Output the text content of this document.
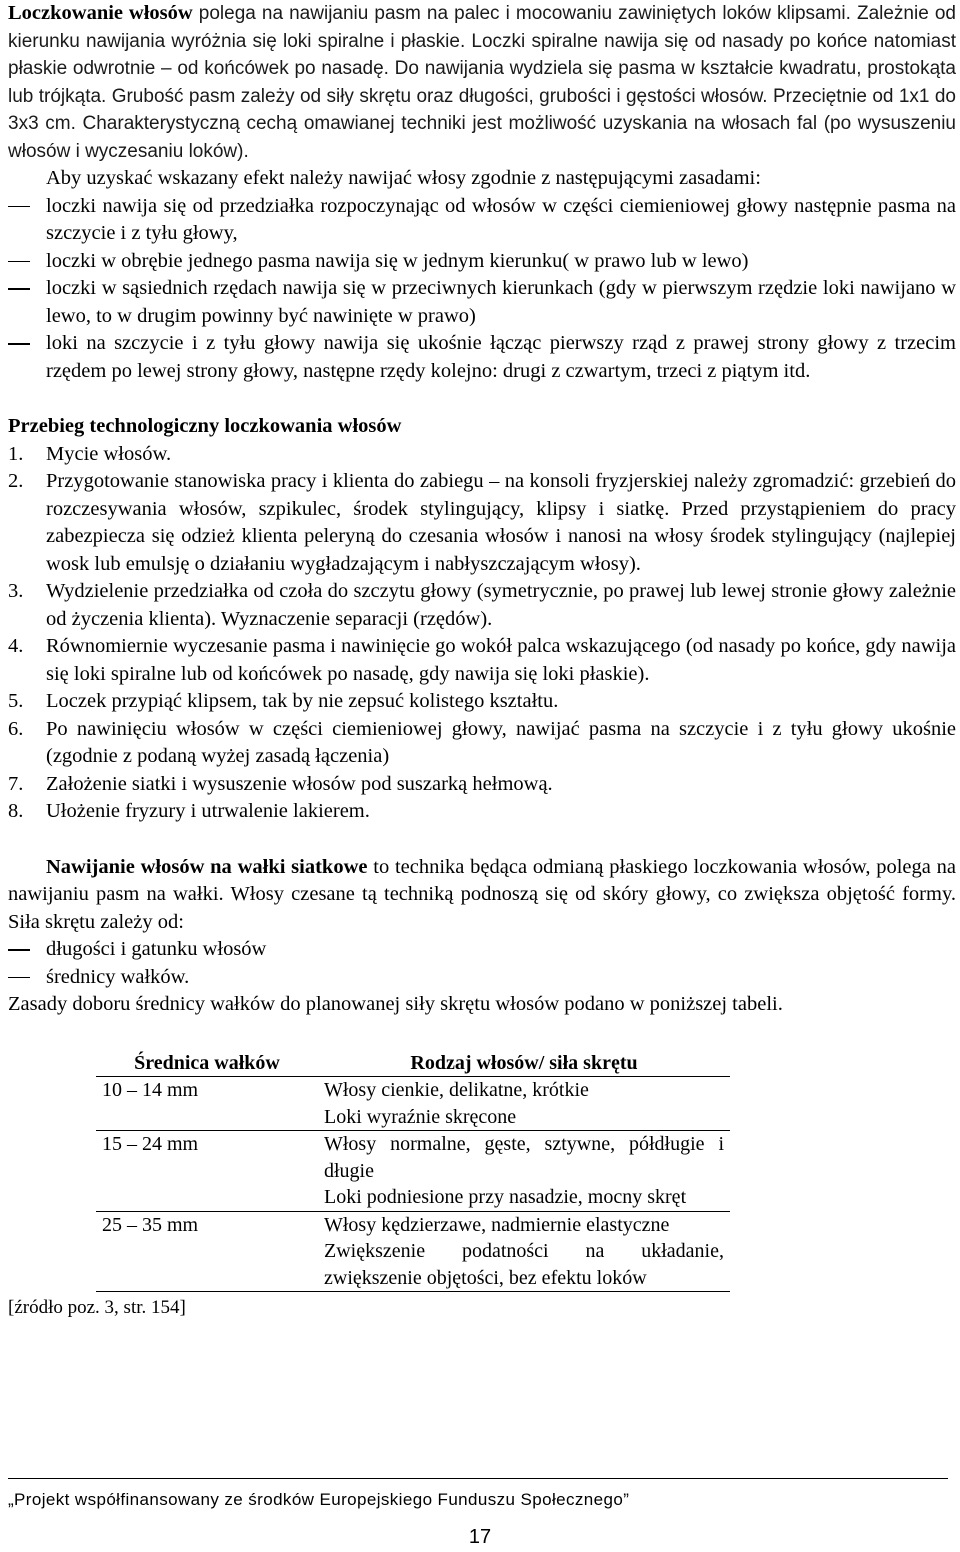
Loczkowanie włosów polega na nawijaniu pasm na palec i mocowaniu zawiniętych loków klipsami. Zależnie od kierunku nawijania wyróżnia się loki spiralne i płaskie. Loczki spiralne nawija się od nasady po końce natomiast płaskie odwrotnie – od końcówek po nasadę. Do nawijania wydziela się pasma w kształcie kwadratu, prostokąta lub trójkąta. Grubość pasm zależy od siły skrętu oraz długości, grubości i gęstości włosów. Przeciętnie od 1x1 do 3x3 cm. Charakterystyczną cechą omawianej techniki jest możliwość uzyskania na włosach fal (po wysuszeniu włosów i wyczesaniu loków).

Aby uzyskać wskazany efekt należy nawijać włosy zgodnie z następującymi zasadami:

loczki nawija się od przedziałka rozpoczynając od włosów w części ciemieniowej głowy następnie pasma na szczycie i z tyłu głowy,
loczki w obrębie jednego pasma nawija się w jednym kierunku( w prawo lub w lewo)
loczki w sąsiednich rzędach nawija się w przeciwnych kierunkach (gdy w pierwszym rzędzie loki nawijano w lewo, to w drugim powinny być nawinięte w prawo)
loki na szczycie i z tyłu głowy nawija się ukośnie łącząc pierwszy rząd z prawej strony głowy z trzecim rzędem po lewej strony głowy, następne rzędy kolejno: drugi z czwartym, trzeci z piątym itd.

Przebieg technologiczny loczkowania włosów

1. Mycie włosów.
2. Przygotowanie stanowiska pracy i klienta do zabiegu – na konsoli fryzjerskiej należy zgromadzić: grzebień do rozczesywania włosów, szpikulec, środek stylingujący, klipsy i siatkę. Przed przystąpieniem do pracy zabezpiecza się odzież klienta peleryną do czesania włosów i nanosi na włosy środek stylingujący (najlepiej wosk lub emulsję o działaniu wygładzającym i nabłyszczającym włosy).
3. Wydzielenie przedziałka od czoła do szczytu głowy (symetrycznie, po prawej lub lewej stronie głowy zależnie od życzenia klienta). Wyznaczenie separacji (rzędów).
4. Równomiernie wyczesanie pasma i nawinięcie go wokół palca wskazującego (od nasady po końce, gdy nawija się loki spiralne lub od końcówek po nasadę, gdy nawija się loki płaskie).
5. Loczek przypiąć klipsem, tak by nie zepsuć kolistego kształtu.
6. Po nawinięciu włosów w części ciemieniowej głowy, nawijać pasma na szczycie i z tyłu głowy ukośnie (zgodnie z podaną wyżej zasadą łączenia)
7. Założenie siatki i wysuszenie włosów pod suszarką hełmową.
8. Ułożenie fryzury i utrwalenie lakierem.

Nawijanie włosów na wałki siatkowe to technika będąca odmianą płaskiego loczkowania włosów, polega na nawijaniu pasm na wałki. Włosy czesane tą techniką podnoszą się od skóry głowy, co zwiększa objętość formy. Siła skrętu zależy od:

długości i gatunku włosów
średnicy wałków.

Zasady doboru średnicy wałków do planowanej siły skrętu włosów podano w poniższej tabeli.

Średnica wałków	Rodzaj włosów/ siła skrętu
10 – 14 mm	Włosy cienkie, delikatne, krótkie
Loki wyraźnie skręcone

15 – 24 mm	Włosy normalne, gęste, sztywne, półdługie i długie
Loki podniesione przy nasadzie, mocny skręt

25 – 35 mm	Włosy kędzierzawe, nadmiernie elastyczne
Zwiększenie podatności na układanie, zwiększenie objętości, bez efektu loków

[źródło poz. 3, str. 154]

„Projekt współfinansowany ze środków Europejskiego Funduszu Społecznego”
17
